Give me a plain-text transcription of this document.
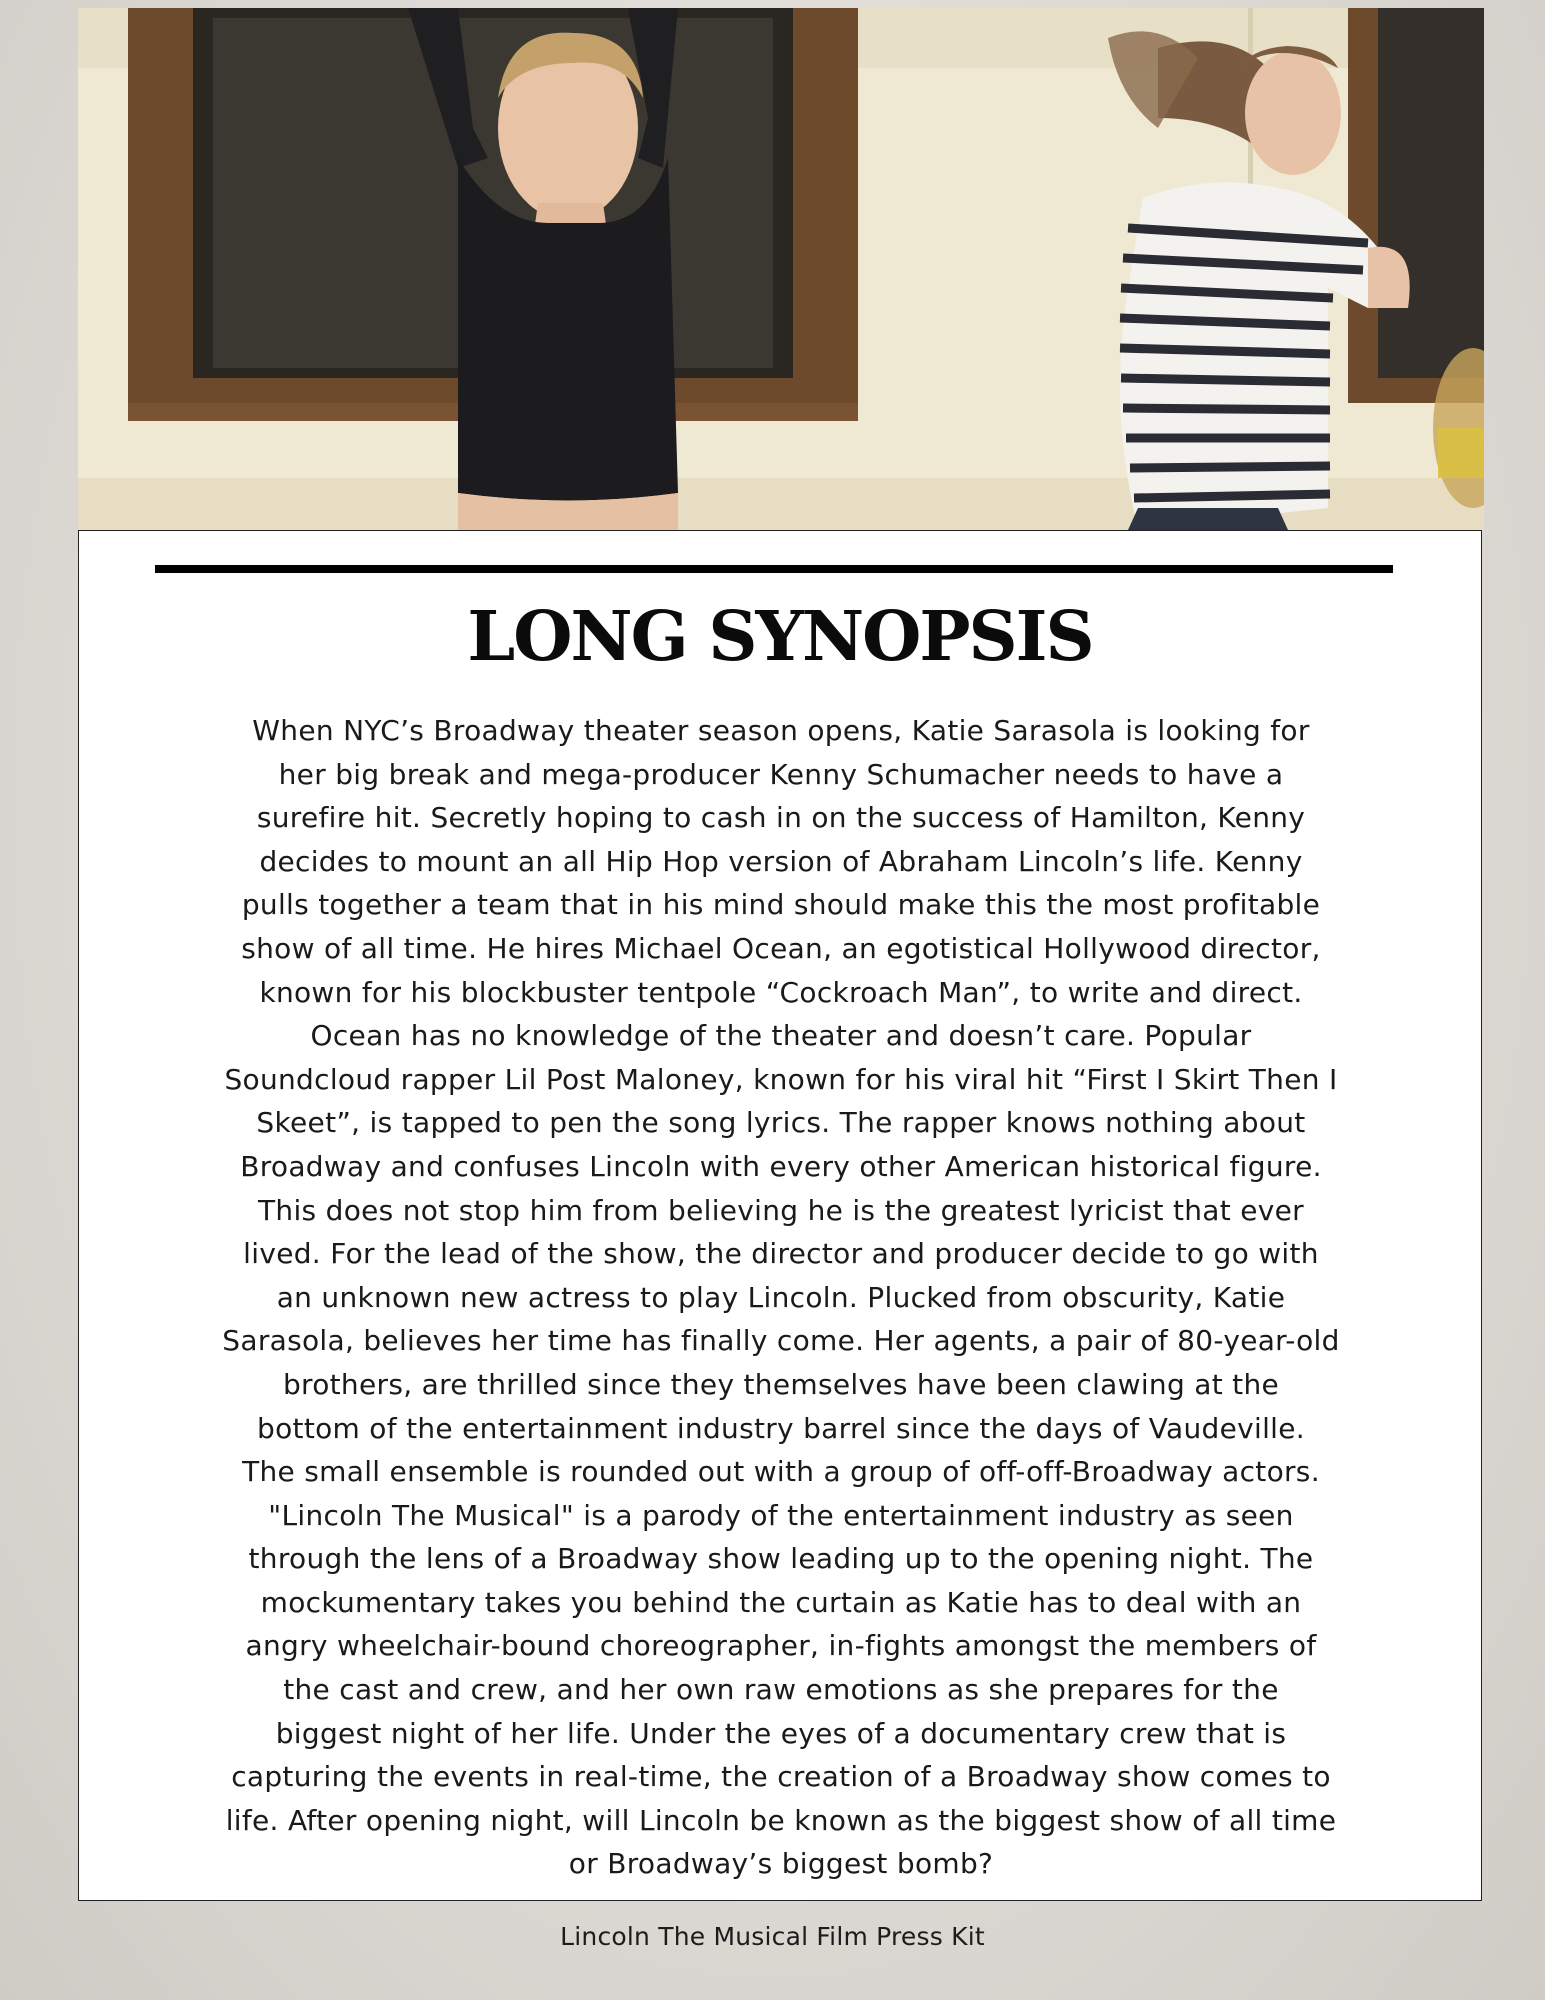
LONG SYNOPSIS
When NYC’s Broadway theater season opens, Katie Sarasola is looking for
her big break and mega-producer Kenny Schumacher needs to have a
surefire hit. Secretly hoping to cash in on the success of Hamilton, Kenny
decides to mount an all Hip Hop version of Abraham Lincoln’s life. Kenny
pulls together a team that in his mind should make this the most profitable
show of all time. He hires Michael Ocean, an egotistical Hollywood director,
known for his blockbuster tentpole “Cockroach Man”, to write and direct.
Ocean has no knowledge of the theater and doesn’t care. Popular
Soundcloud rapper Lil Post Maloney, known for his viral hit “First I Skirt Then I
Skeet”, is tapped to pen the song lyrics. The rapper knows nothing about
Broadway and confuses Lincoln with every other American historical figure.
This does not stop him from believing he is the greatest lyricist that ever
lived. For the lead of the show, the director and producer decide to go with
an unknown new actress to play Lincoln. Plucked from obscurity, Katie
Sarasola, believes her time has finally come. Her agents, a pair of 80-year-old
brothers, are thrilled since they themselves have been clawing at the
bottom of the entertainment industry barrel since the days of Vaudeville.
The small ensemble is rounded out with a group of off-off-Broadway actors.
"Lincoln The Musical" is a parody of the entertainment industry as seen
through the lens of a Broadway show leading up to the opening night. The
mockumentary takes you behind the curtain as Katie has to deal with an
angry wheelchair-bound choreographer, in-fights amongst the members of
the cast and crew, and her own raw emotions as she prepares for the
biggest night of her life. Under the eyes of a documentary crew that is
capturing the events in real-time, the creation of a Broadway show comes to
life. After opening night, will Lincoln be known as the biggest show of all time
or Broadway’s biggest bomb?
Lincoln The Musical Film Press Kit
